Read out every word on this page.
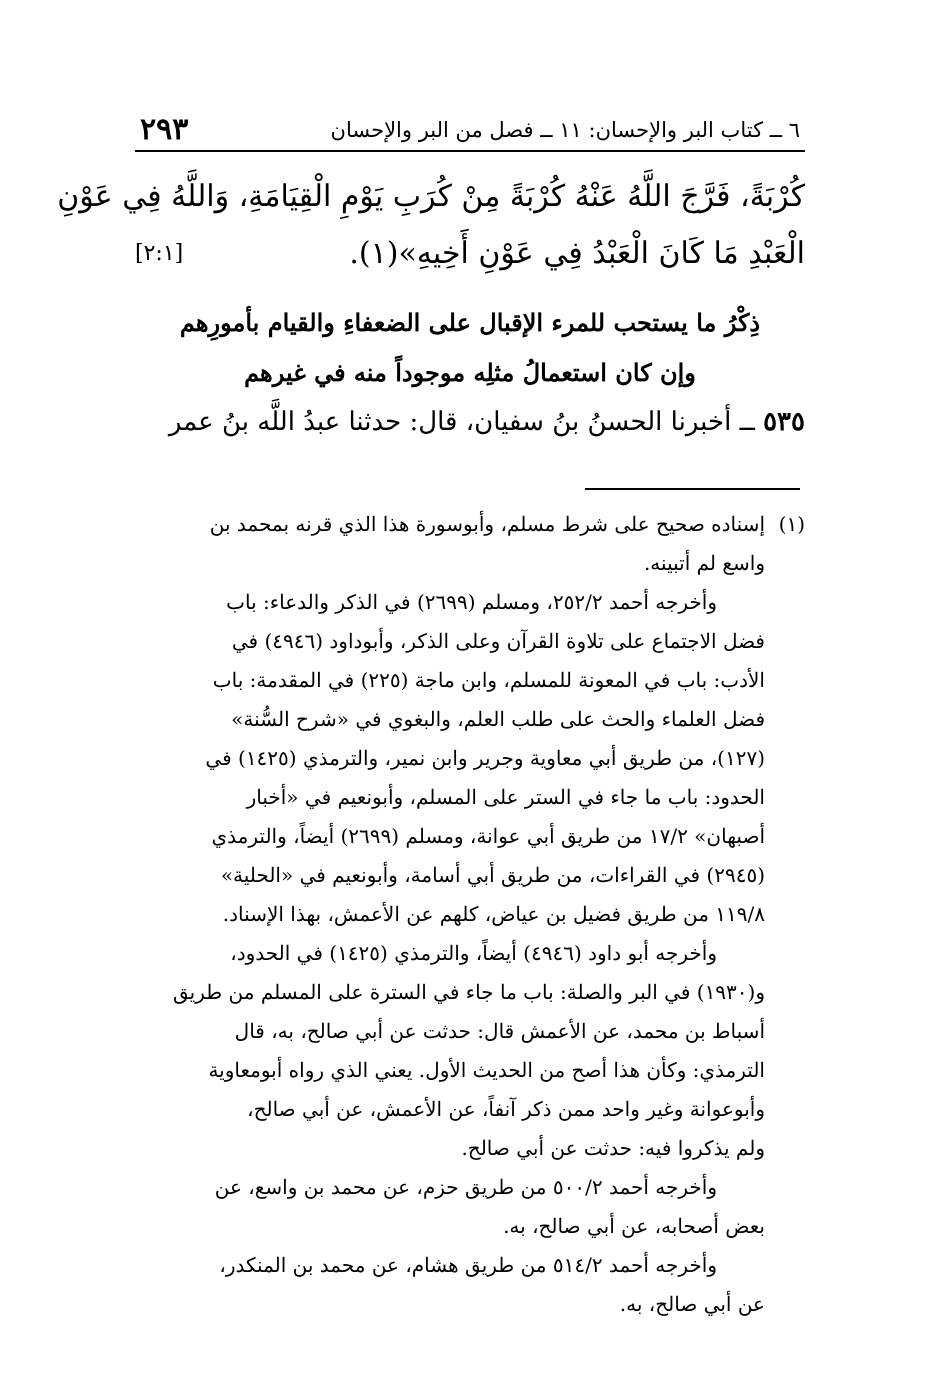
٢٩٣	٦ ــ كتاب البر والإحسان: ١١ ــ فصل من البر والإحسان
كُرْبَةً، فَرَّجَ اللَّهُ عَنْهُ كُرْبَةً مِنْ كُرَبِ يَوْمِ الْقِيَامَةِ، وَاللَّهُ فِي عَوْنِ
الْعَبْدِ مَا كَانَ الْعَبْدُ فِي عَوْنِ أَخِيهِ»(١).
[٢:١]
ذِكْرُ ما يستحب للمرء الإقبال على الضعفاءِ والقيام بأمورِهم
وإن كان استعمالُ مثلِه موجوداً منه في غيرهم
٥٣٥ ــ أخبرنا الحسنُ بنُ سفيان، قال: حدثنا عبدُ اللَّه بنُ عمر
(١)
إسناده صحيح على شرط مسلم، وأبوسورة هذا الذي قرنه بمحمد بن
واسع لم أتبينه.
وأخرجه أحمد ٢٥٢/٢، ومسلم (٢٦٩٩) في الذكر والدعاء: باب
فضل الاجتماع على تلاوة القرآن وعلى الذكر، وأبوداود (٤٩٤٦) في
الأدب: باب في المعونة للمسلم، وابن ماجة (٢٢٥) في المقدمة: باب
فضل العلماء والحث على طلب العلم، والبغوي في «شرح السُّنة»
(١٢٧)، من طريق أبي معاوية وجرير وابن نمير، والترمذي (١٤٢٥) في
الحدود: باب ما جاء في الستر على المسلم، وأبونعيم في «أخبار
أصبهان» ١٧/٢ من طريق أبي عوانة، ومسلم (٢٦٩٩) أيضاً، والترمذي
(٢٩٤٥) في القراءات، من طريق أبي أسامة، وأبونعيم في «الحلية»
١١٩/٨ من طريق فضيل بن عياض، كلهم عن الأعمش، بهذا الإسناد.
وأخرجه أبو داود (٤٩٤٦) أيضاً، والترمذي (١٤٢٥) في الحدود،
و(١٩٣٠) في البر والصلة: باب ما جاء في السترة على المسلم من طريق
أسباط بن محمد، عن الأعمش قال: حدثت عن أبي صالح، به، قال
الترمذي: وكأن هذا أصح من الحديث الأول. يعني الذي رواه أبومعاوية
وأبوعوانة وغير واحد ممن ذكر آنفاً، عن الأعمش، عن أبي صالح،
ولم يذكروا فيه: حدثت عن أبي صالح.
وأخرجه أحمد ٥٠٠/٢ من طريق حزم، عن محمد بن واسع، عن
بعض أصحابه، عن أبي صالح، به.
وأخرجه أحمد ٥١٤/٢ من طريق هشام، عن محمد بن المنكدر،
عن أبي صالح، به.
